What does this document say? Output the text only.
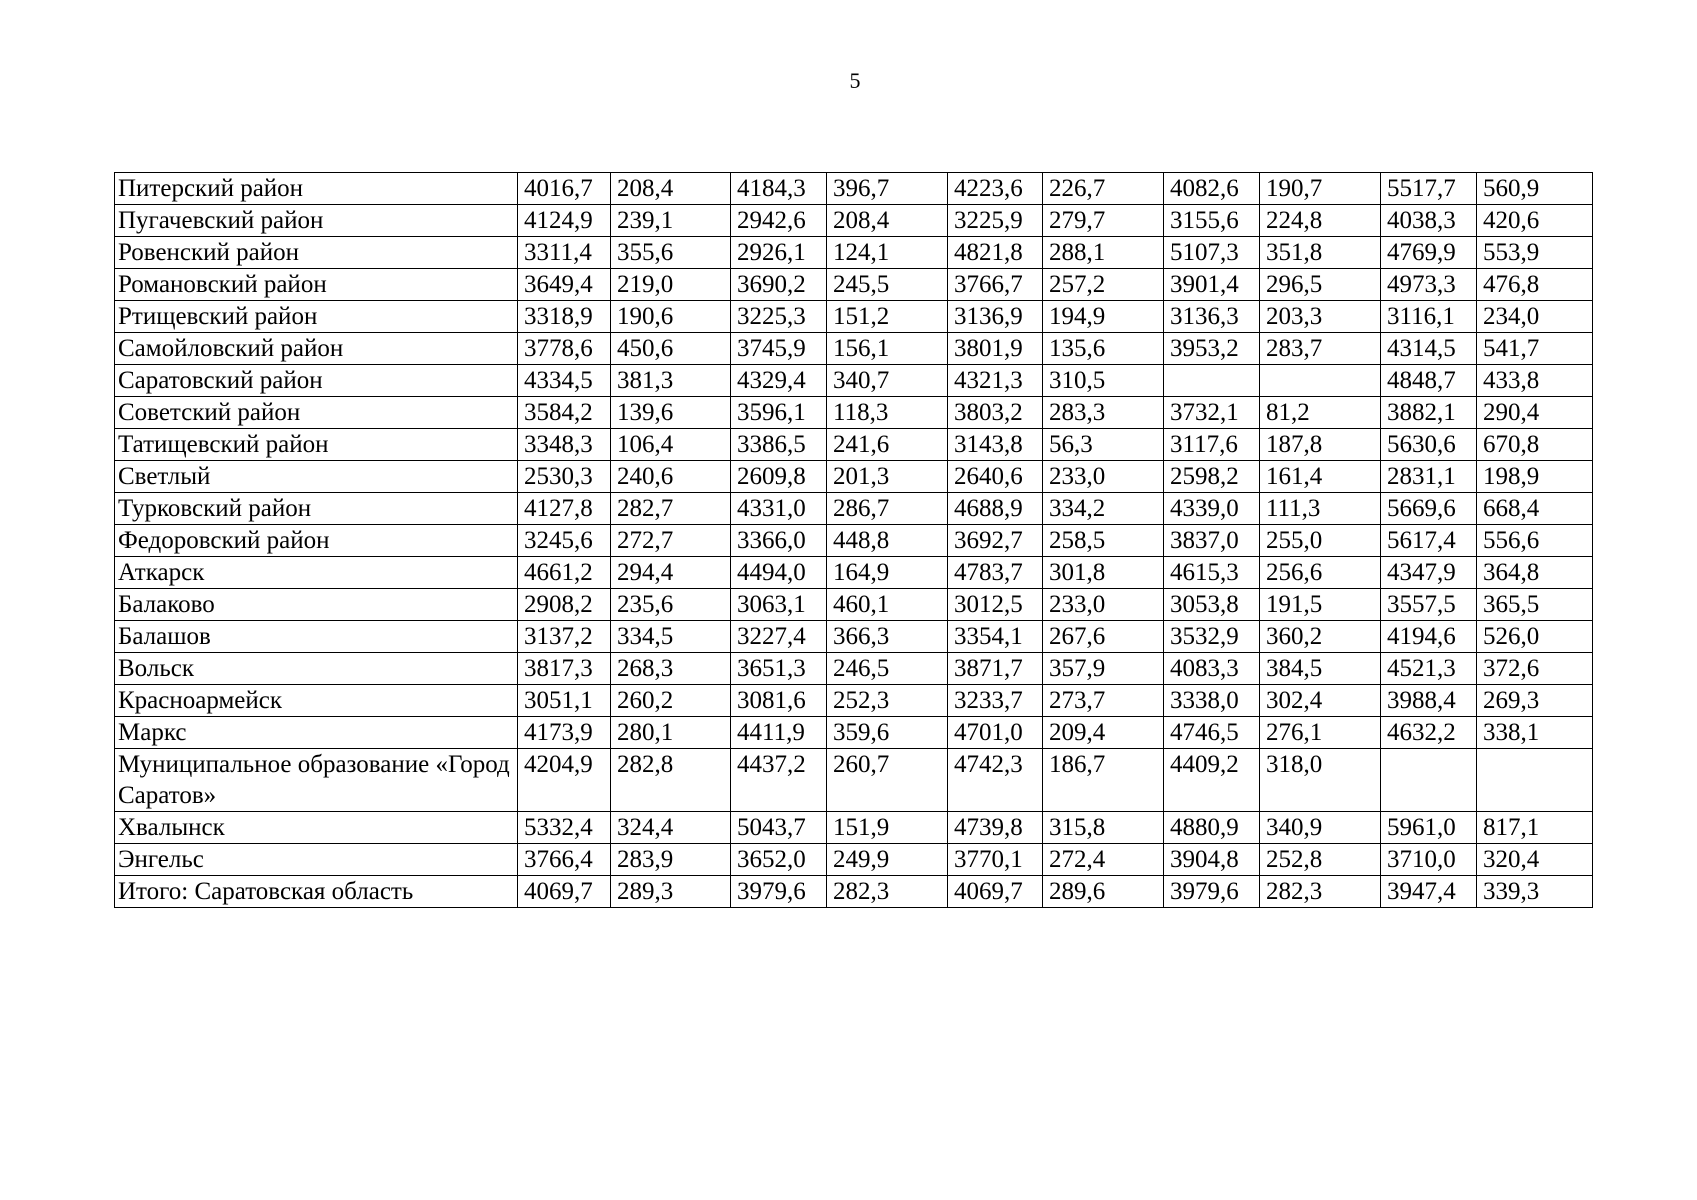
5
Питерский район	4016,7	208,4	4184,3	396,7	4223,6	226,7	4082,6	190,7	5517,7	560,9
Пугачевский район	4124,9	239,1	2942,6	208,4	3225,9	279,7	3155,6	224,8	4038,3	420,6
Ровенский район	3311,4	355,6	2926,1	124,1	4821,8	288,1	5107,3	351,8	4769,9	553,9
Романовский район	3649,4	219,0	3690,2	245,5	3766,7	257,2	3901,4	296,5	4973,3	476,8
Ртищевский район	3318,9	190,6	3225,3	151,2	3136,9	194,9	3136,3	203,3	3116,1	234,0
Самойловский район	3778,6	450,6	3745,9	156,1	3801,9	135,6	3953,2	283,7	4314,5	541,7
Саратовский район	4334,5	381,3	4329,4	340,7	4321,3	310,5			4848,7	433,8
Советский район	3584,2	139,6	3596,1	118,3	3803,2	283,3	3732,1	81,2	3882,1	290,4
Татищевский район	3348,3	106,4	3386,5	241,6	3143,8	56,3	3117,6	187,8	5630,6	670,8
Светлый	2530,3	240,6	2609,8	201,3	2640,6	233,0	2598,2	161,4	2831,1	198,9
Турковский район	4127,8	282,7	4331,0	286,7	4688,9	334,2	4339,0	111,3	5669,6	668,4
Федоровский район	3245,6	272,7	3366,0	448,8	3692,7	258,5	3837,0	255,0	5617,4	556,6
Аткарск	4661,2	294,4	4494,0	164,9	4783,7	301,8	4615,3	256,6	4347,9	364,8
Балаково	2908,2	235,6	3063,1	460,1	3012,5	233,0	3053,8	191,5	3557,5	365,5
Балашов	3137,2	334,5	3227,4	366,3	3354,1	267,6	3532,9	360,2	4194,6	526,0
Вольск	3817,3	268,3	3651,3	246,5	3871,7	357,9	4083,3	384,5	4521,3	372,6
Красноармейск	3051,1	260,2	3081,6	252,3	3233,7	273,7	3338,0	302,4	3988,4	269,3
Маркс	4173,9	280,1	4411,9	359,6	4701,0	209,4	4746,5	276,1	4632,2	338,1
Муниципальное образование «Город Саратов»	4204,9	282,8	4437,2	260,7	4742,3	186,7	4409,2	318,0		
Хвалынск	5332,4	324,4	5043,7	151,9	4739,8	315,8	4880,9	340,9	5961,0	817,1
Энгельс	3766,4	283,9	3652,0	249,9	3770,1	272,4	3904,8	252,8	3710,0	320,4
Итого: Саратовская область	4069,7	289,3	3979,6	282,3	4069,7	289,6	3979,6	282,3	3947,4	339,3
